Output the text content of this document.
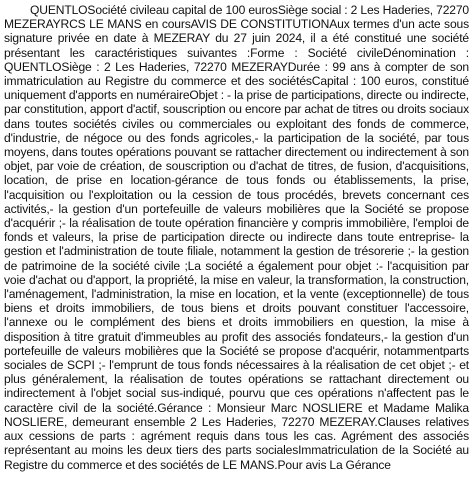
QUENTLOSociété civileau capital de 100 eurosSiège social : 2 Les Haderies, 72270 MEZERAYRCS LE MANS en coursAVIS DE CONSTITUTIONAux termes d'un acte sous signature privée en date à MEZERAY du 27 juin 2024, il a été constitué une société présentant les caractéristiques suivantes :Forme : Société civileDénomination : QUENTLOSiège : 2 Les Haderies, 72270 MEZERAYDurée : 99 ans à compter de son immatriculation au Registre du commerce et des sociétésCapital : 100 euros, constitué uniquement d'apports en numéraireObjet : - la prise de participations, directe ou indirecte, par constitution, apport d'actif, souscription ou encore par achat de titres ou droits sociaux dans toutes sociétés civiles ou commerciales ou exploitant des fonds de commerce, d'industrie, de négoce ou des fonds agricoles,- la participation de la société, par tous moyens, dans toutes opérations pouvant se rattacher directement ou indirectement à son objet, par voie de création, de souscription ou d'achat de titres, de fusion, d'acquisitions, location, de prise en location-gérance de tous fonds ou établissements, la prise, l'acquisition ou l'exploitation ou la cession de tous procédés, brevets concernant ces activités,- la gestion d'un portefeuille de valeurs mobilières que la Société se propose d'acquérir ;- la réalisation de toute opération financière y compris immobilière, l'emploi de fonds et valeurs, la prise de participation directe ou indirecte dans toute entreprise- la gestion et l'administration de toute filiale, notamment la gestion de trésorerie ;- la gestion de patrimoine de la société civile ;La société a également pour objet :- l'acquisition par voie d'achat ou d'apport, la propriété, la mise en valeur, la transformation, la construction, l'aménagement, l'administration, la mise en location, et la vente (exceptionnelle) de tous biens et droits immobiliers, de tous biens et droits pouvant constituer l'accessoire, l'annexe ou le complément des biens et droits immobiliers en question, la mise à disposition à titre gratuit d'immeubles au profit des associés fondateurs,- la gestion d'un portefeuille de valeurs mobilières que la Société se propose d'acquérir, notammentparts sociales de SCPI ;- l'emprunt de tous fonds nécessaires à la réalisation de cet objet ;- et plus généralement, la réalisation de toutes opérations se rattachant directement ou indirectement à l'objet social sus-indiqué, pourvu que ces opérations n'affectent pas le caractère civil de la société.Gérance : Monsieur Marc NOSLIERE et Madame Malika NOSLIERE, demeurant ensemble 2 Les Haderies, 72270 MEZERAY.Clauses relatives aux cessions de parts : agrément requis dans tous les cas. Agrément des associés représentant au moins les deux tiers des parts socialesImmatriculation de la Société au Registre du commerce et des sociétés de LE MANS.Pour avis La Gérance
